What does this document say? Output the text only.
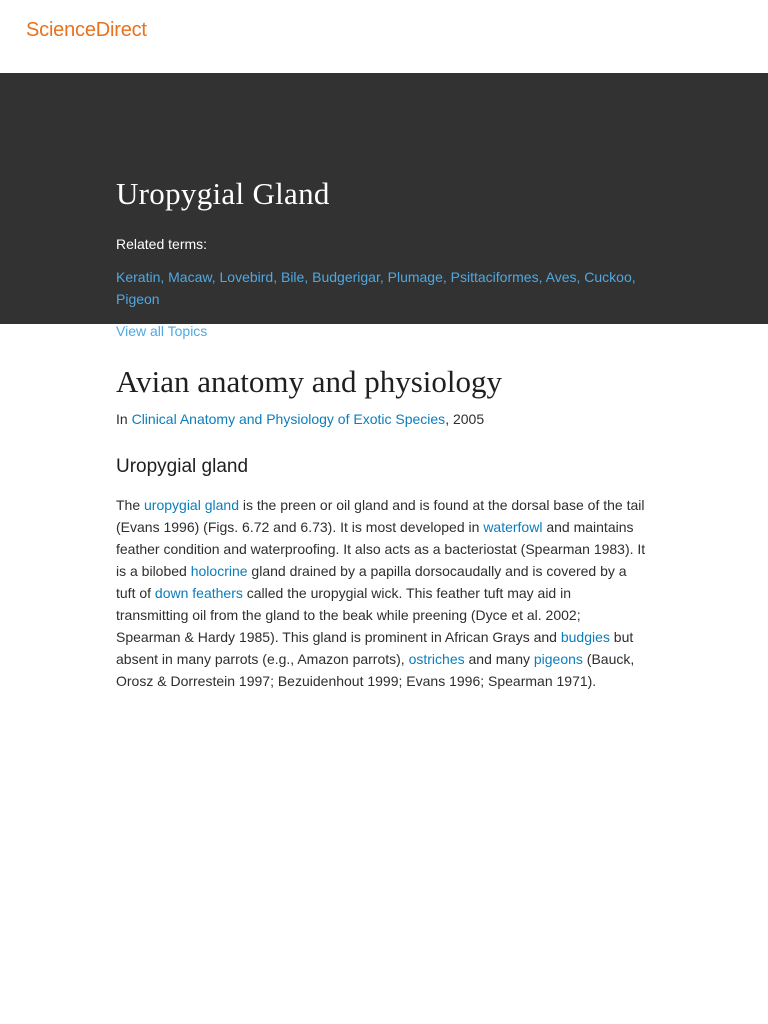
ScienceDirect
Uropygial Gland
Related terms:
Keratin, Macaw, Lovebird, Bile, Budgerigar, Plumage, Psittaciformes, Aves, Cuckoo, Pigeon
View all Topics
Avian anatomy and physiology
In Clinical Anatomy and Physiology of Exotic Species, 2005
Uropygial gland

The uropygial gland is the preen or oil gland and is found at the dorsal base of the tail (Evans 1996) (Figs. 6.72 and 6.73). It is most developed in waterfowl and maintains feather condition and waterproofing. It also acts as a bacteriostat (Spearman 1983). It is a bilobed holocrine gland drained by a papilla dorsocaudally and is covered by a tuft of down feathers called the uropygial wick. This feather tuft may aid in transmitting oil from the gland to the beak while preening (Dyce et al. 2002; Spearman & Hardy 1985). This gland is prominent in African Grays and budgies but absent in many parrots (e.g., Amazon parrots), ostriches and many pigeons (Bauck, Orosz & Dorrestein 1997; Bezuidenhout 1999; Evans 1996; Spearman 1971).
